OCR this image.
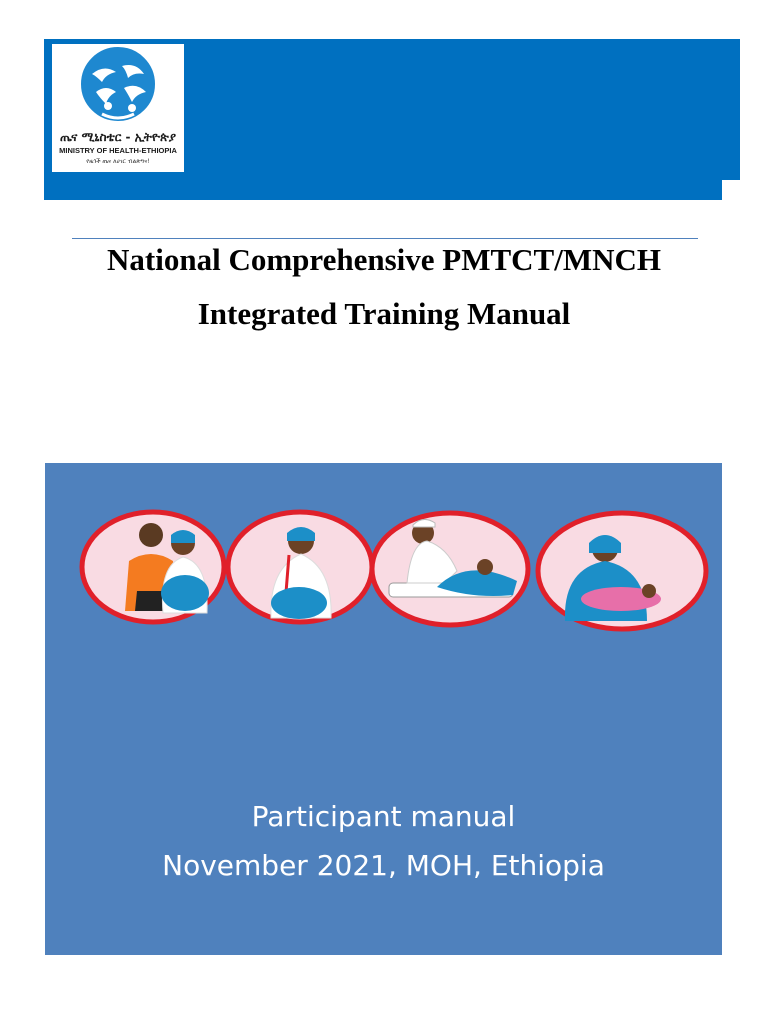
ጤና ሚኒስቴር - ኢትዮጵያ
MINISTRY OF HEALTH-ETHIOPIA
የዜጎች ጤና ለሀገር ብልጽግና!
National Comprehensive PMTCT/MNCH
Integrated Training Manual
Participant manual
November 2021, MOH, Ethiopia
